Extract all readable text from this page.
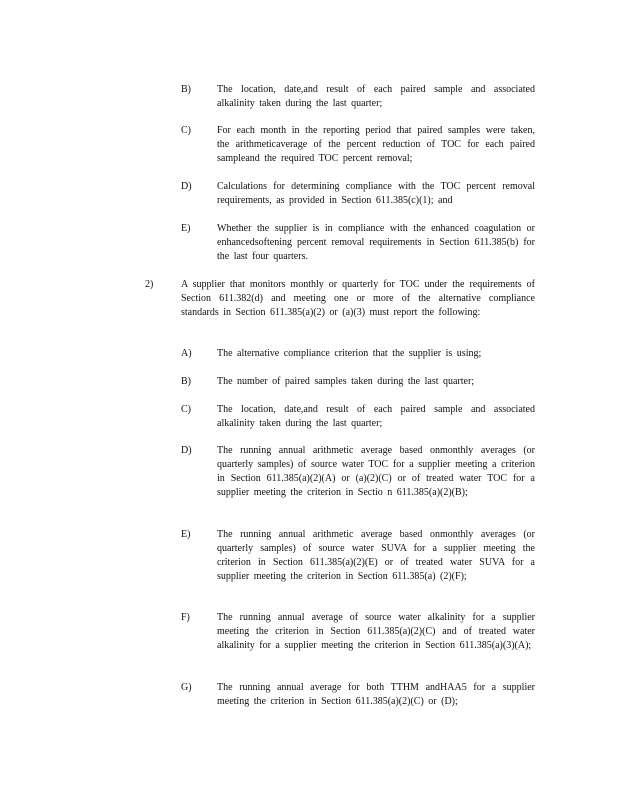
B)	The location, date,and result of each paired sample and associated alkalinity taken during the last quarter;
C)	For each month in the reporting period that paired samples were taken, the arithmeticaverage of the percent reduction of TOC for each paired sampleand the required TOC percent removal;
D)	Calculations for determining compliance with the TOC percent removal requirements, as provided in Section 611.385(c)(1); and
E)	Whether the supplier is in compliance with the enhanced coagulation or enhancedsoftening percent removal requirements in Section 611.385(b) for the last four quarters.
2)	A supplier that monitors monthly or quarterly for TOC under the requirements of Section 611.382(d) and meeting one or more of the alternative compliance standards in Section 611.385(a)(2) or (a)(3) must report the following:
A)	The alternative compliance criterion that the supplier is using;
B)	The number of paired samples taken during the last quarter;
C)	The location, date,and result of each paired sample and associated alkalinity taken during the last quarter;
D)	The running annual arithmetic average based onmonthly averages (or quarterly samples) of source water TOC for a supplier meeting a criterion in Section 611.385(a)(2)(A) or (a)(2)(C) or of treated water TOC for a supplier meeting the criterion in Sectio n 611.385(a)(2)(B);
E)	The running annual arithmetic average based onmonthly averages (or quarterly samples) of source water SUVA for a supplier meeting the criterion in Section 611.385(a)(2)(E) or of treated water SUVA for a supplier meeting the criterion in Section 611.385(a) (2)(F);
F)	The running annual average of source water alkalinity for a supplier meeting the criterion in Section 611.385(a)(2)(C) and of treated water alkalinity for a supplier meeting the criterion in Section 611.385(a)(3)(A);
G)	The running annual average for both TTHM andHAA5 for a supplier meeting the criterion in Section 611.385(a)(2)(C) or (D);
